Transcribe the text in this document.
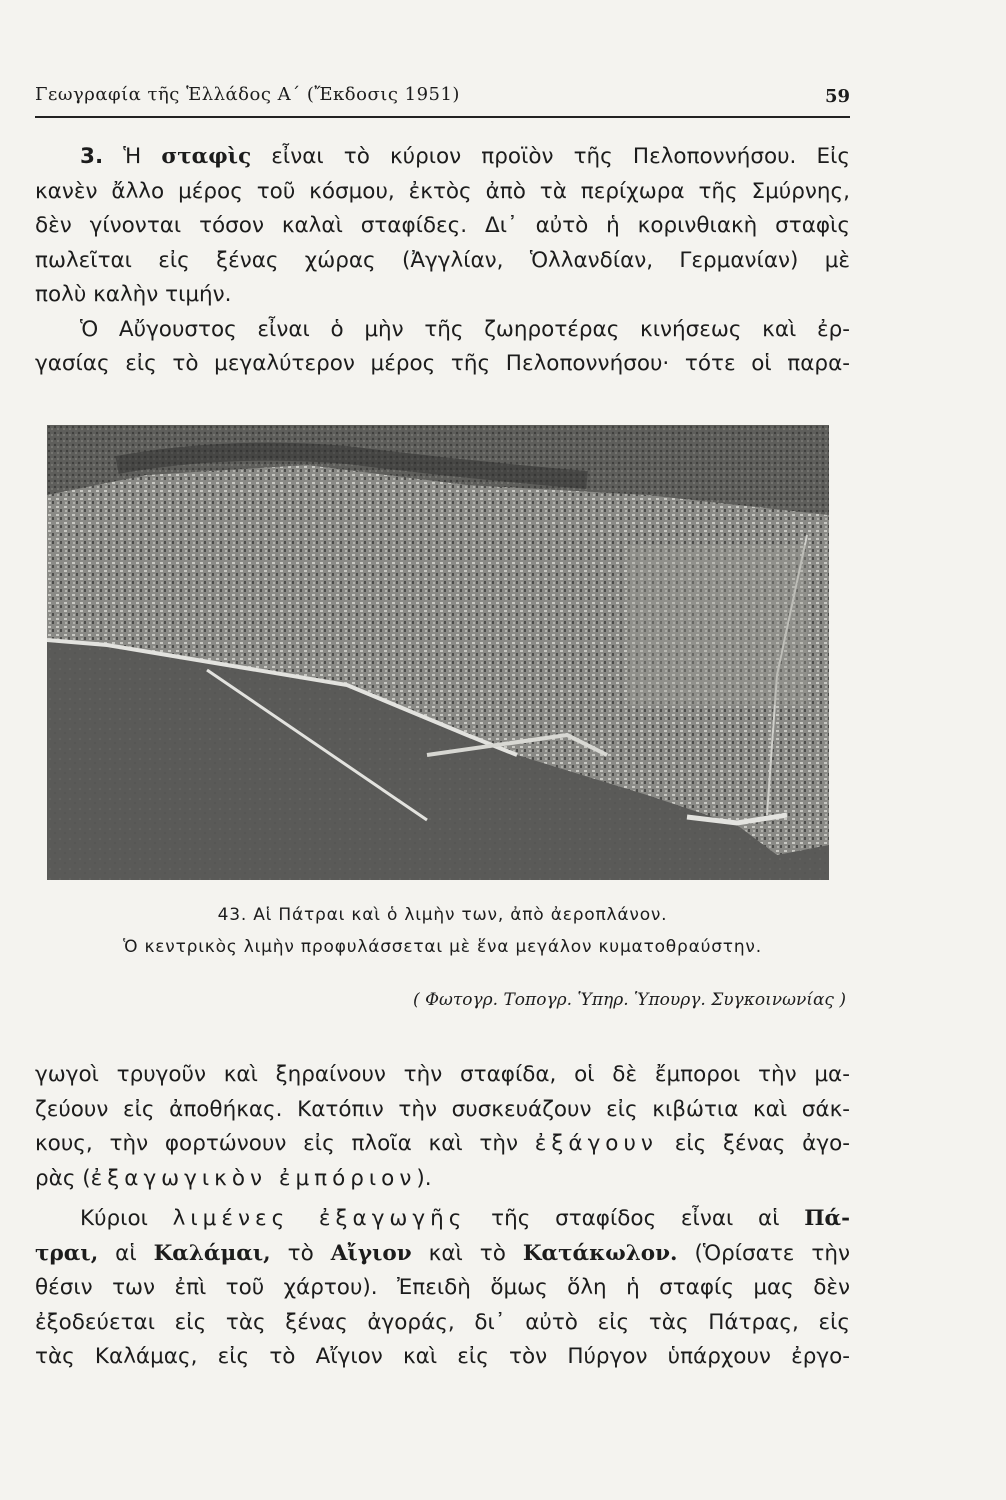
Γεωγραφία τῆς Ἑλλάδος Α΄ (Ἔκδοσις 1951)	59
3. Ἡ σταφὶς εἶναι τὸ κύριον προϊὸν τῆς Πελοποννήσου. Εἰς
κανὲν ἄλλο μέρος τοῦ κόσμου, ἐκτὸς ἀπὸ τὰ περίχωρα τῆς Σμύρνης,
δὲν γίνονται τόσον καλαὶ σταφίδες. Δι᾽ αὐτὸ ἡ κορινθιακὴ σταφὶς
πωλεῖται εἰς ξένας χώρας (Ἀγγλίαν, Ὁλλανδίαν, Γερμανίαν) μὲ
πολὺ καλὴν τιμήν.
Ὁ Αὔγουστος εἶναι ὁ μὴν τῆς ζωηροτέρας κινήσεως καὶ ἐρ-
γασίας εἰς τὸ μεγαλύτερον μέρος τῆς Πελοποννήσου· τότε οἱ παρα-
43. Αἱ Πάτραι καὶ ὁ λιμὴν των, ἀπὸ ἀεροπλάνον.
Ὁ κεντρικὸς λιμὴν προφυλάσσεται μὲ ἕνα μεγάλον κυματοθραύστην.
( Φωτογρ. Τοπογρ. Ὑπηρ. Ὑπουργ. Συγκοινωνίας )
γωγοὶ τρυγοῦν καὶ ξηραίνουν τὴν σταφίδα, οἱ δὲ ἔμποροι τὴν μα-
ζεύουν εἰς ἀποθήκας. Κατόπιν τὴν συσκευάζουν εἰς κιβώτια καὶ σάκ-
κους, τὴν φορτώνουν εἰς πλοῖα καὶ τὴν ἐξάγουν εἰς ξένας ἀγο-
ρὰς (ἐξαγωγικὸν ἐμπόριον).
Κύριοι λιμένες ἐξαγωγῆς τῆς σταφίδος εἶναι αἱ Πά-
τραι, αἱ Καλάμαι, τὸ Αἴγιον καὶ τὸ Κατάκωλον. (Ὁρίσατε τὴν
θέσιν των ἐπὶ τοῦ χάρτου). Ἐπειδὴ ὅμως ὅλη ἡ σταφίς μας δὲν
ἐξοδεύεται εἰς τὰς ξένας ἀγοράς, δι᾽ αὐτὸ εἰς τὰς Πάτρας, εἰς
τὰς Καλάμας, εἰς τὸ Αἴγιον καὶ εἰς τὸν Πύργον ὑπάρχουν ἐργο-
